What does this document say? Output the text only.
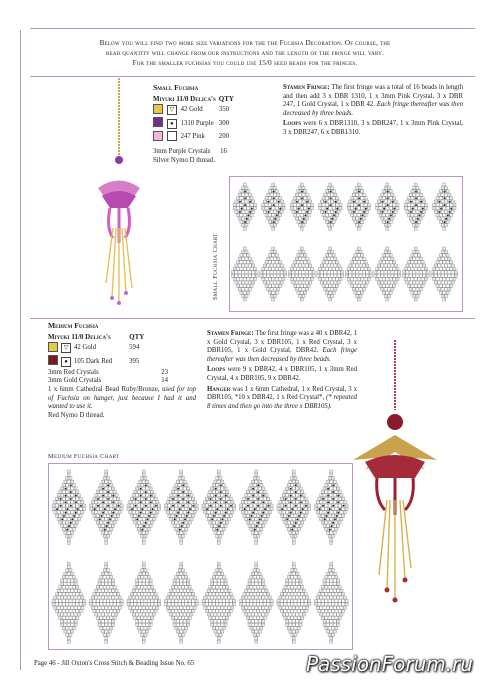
Below you will find two more size variations for the the Fuchsia Decoration. Of course, the
bead quantity will change from our instructions and the length of the fringe will vary.
For the smaller fuchsias you could use 15/0 seed beads for the fringes.
Small Fuchsia
Miyuki 11/0 Delica's			QTY
	▽	42 Gold	350
	●	1310 Purple	300
		247 Pink	200
3mm Purple Crystals 16
Silver Nymo D thread.

Stamen Fringe: The first fringe was a total of 16 beads in length and then add 3 x DBR 1310, 1 x 3mm Pink Crystal, 3 x DBR 247, 1 Gold Crystal, 1 x DBR 42. Each fringe thereafter was then decreased by three beads.

Loops were 6 x DBR1310, 3 x DBR247, 1 x 3mm Pink Crystal, 3 x DBR247, 6 x DBR1310.

Small Fuchsia Chart
Medium Fuchsia
Miyuki 11/0 Delica's			QTY
	▽	42 Gold	594
	●	105 Dark Red	395
3mm Red Crystals	23
3mm Gold Crystals	14
1 x 6mm Cathedral Bead Ruby/Bronze, used for top of Fuchsia on hanger, just because I had it and wanted to use it.
Red Nymo D thread.

Stamen Fringe: The first fringe was a 40 x DBR42, 1 x Gold Crystal, 3 x DBR105, 1 x Red Crystal, 3 x DBR105, 1 x Gold Crystal, DBR42. Each fringe thereafter was then decreased by three beads.

Loops were 9 x DBR42, 4 x DBR105, 1 x 3mm Red Crystal, 4 x DBR105, 9 x DBR42.

Hanger was 1 x 6mm Cathedral, 1 x Red Crystal, 3 x DBR105, *10 x DBR42, 1 x Red Crystal*, (* repeated 8 times and then go into the three x DBR105).

Medium Fuchsia Chart
Page 46 - Jill Oxton's Cross Stitch & Beading Issue No. 65	PassionForum.ru
